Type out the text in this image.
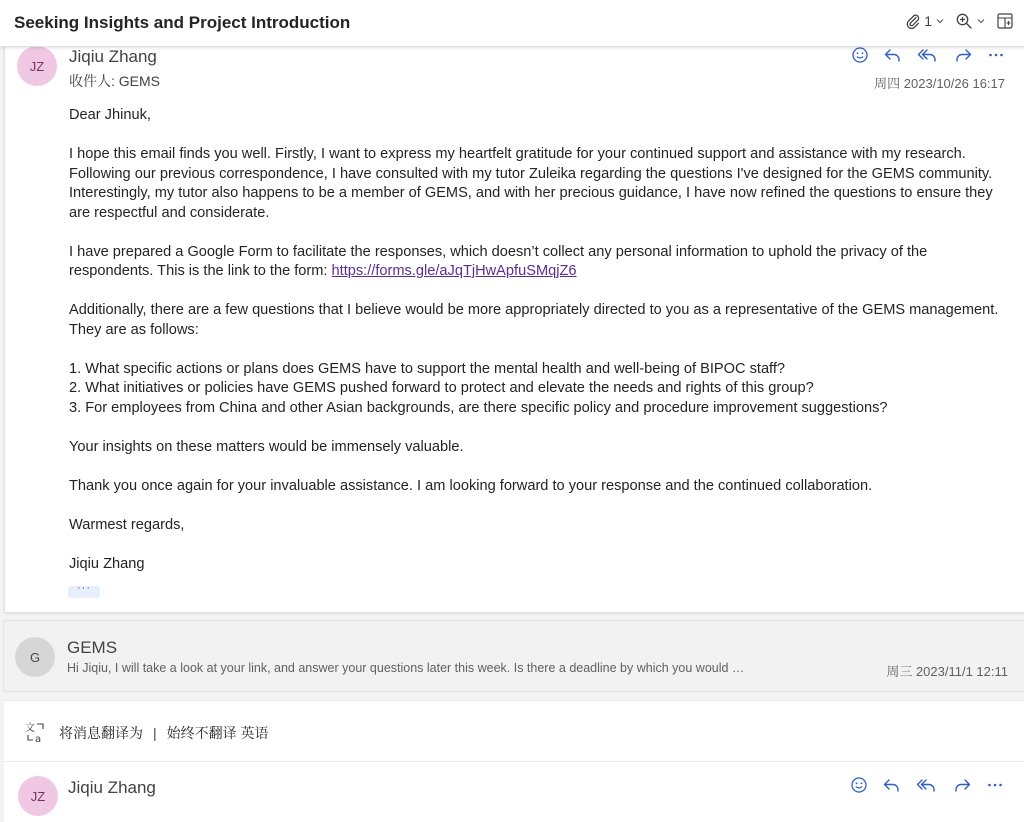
Seeking Insights and Project Introduction	1
JZ	Jiqiu Zhang
收件人: GEMS	周四 2023/10/26 16:17

Dear Jhinuk,

I hope this email finds you well. Firstly, I want to express my heartfelt gratitude for your continued support and assistance with my research. Following our previous correspondence, I have consulted with my tutor Zuleika regarding the questions I've designed for the GEMS community. Interestingly, my tutor also happens to be a member of GEMS, and with her precious guidance, I have now refined the questions to ensure they are respectful and considerate.

I have prepared a Google Form to facilitate the responses, which doesn’t collect any personal information to uphold the privacy of the respondents. This is the link to the form: https://forms.gle/aJqTjHwApfuSMqjZ6

Additionally, there are a few questions that I believe would be more appropriately directed to you as a representative of the GEMS management. They are as follows:

1. What specific actions or plans does GEMS have to support the mental health and well-being of BIPOC staff?
2. What initiatives or policies have GEMS pushed forward to protect and elevate the needs and rights of this group?
3. For employees from China and other Asian backgrounds, are there specific policy and procedure improvement suggestions?

Your insights on these matters would be immensely valuable.

Thank you once again for your invaluable assistance. I am looking forward to your response and the continued collaboration.

Warmest regards,

Jiqiu Zhang

···
G	GEMS
Hi Jiqiu, I will take a look at your link, and answer your questions later this week. Is there a deadline by which you would …	周三 2023/11/1 12:11
文
a 将消息翻译为 | 始终不翻译 英语
JZ	Jiqiu Zhang
